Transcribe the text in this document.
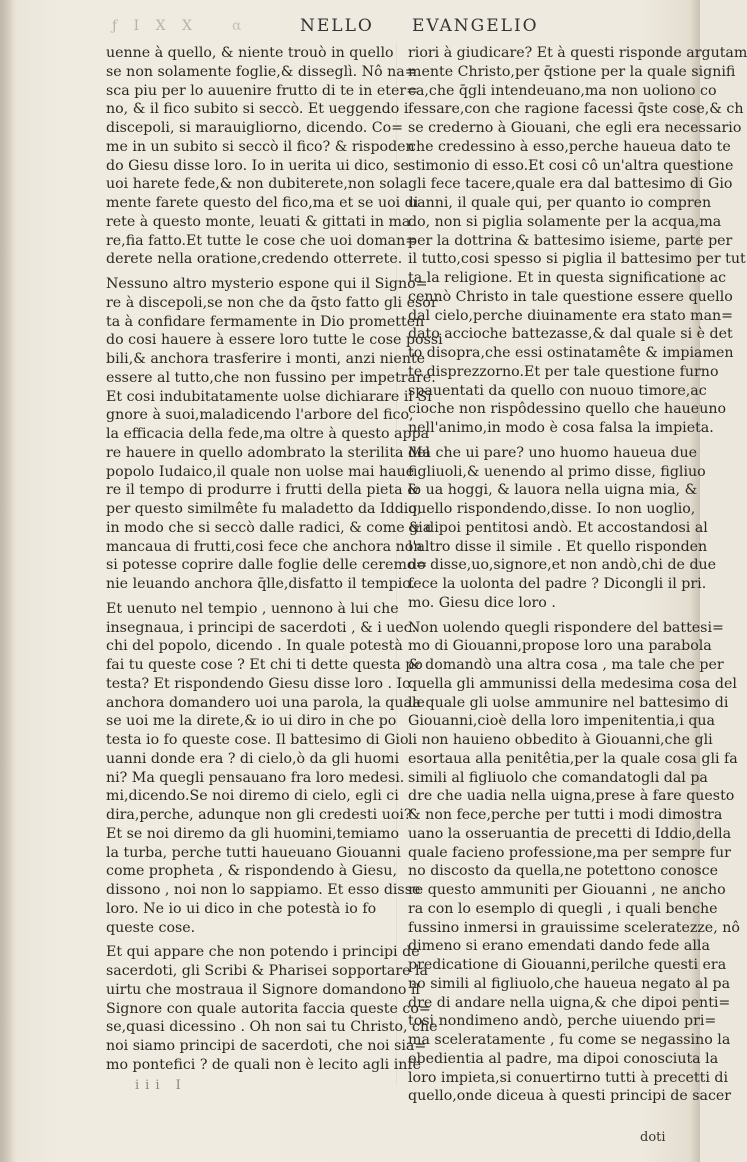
ƒ І X X α	NELLO EVANGELIO
uenne à quello, & niente trouò in quello
se non solamente foglie,& disseglì. Nô na=
sca piu per lo auuenire frutto di te in eter=
no, & il fico subito si seccò. Et ueggendo i
discepoli, si marauigliorno, dicendo. Co=
me in un subito si seccò il fico? & rispoden
do Giesu disse loro. Io in uerita ui dico, se
uoi harete fede,& non dubiterete,non sola
mente farete questo del fico,ma et se uoi di
rete à questo monte, leuati & gittati in ma
re,fia fatto.Et tutte le cose che uoi doman=
derete nella oratione,credendo otterrete.
Nessuno altro mysterio espone qui il Signo=
re à discepoli,se non che da q̄sto fatto gli esor
ta à confidare fermamente in Dio prometten
do cosi hauere à essere loro tutte le cose possi
bili,& anchora trasferire i monti, anzi niente
essere al tutto,che non fussino per impetrare.
Et cosi indubitatamente uolse dichiarare il Si
gnore à suoi,maladicendo l'arbore del fico,
la efficacia della fede,ma oltre à questo appa
re hauere in quello adombrato la sterilita del
popolo Iudaico,il quale non uolse mai haue
re il tempo di produrre i frutti della pieta &
per questo similmête fu maladetto da Iddio,
in modo che si seccò dalle radici, & come gia
mancaua di frutti,cosi fece che anchora non
si potesse coprire dalle foglie delle ceremo=
nie leuando anchora q̄lle,disfatto il tempio.
Et uenuto nel tempio , uennono à lui che
insegnaua, i principi de sacerdoti , & i uec.
chi del popolo, dicendo . In quale potestà
fai tu queste cose ? Et chi ti dette questa po
testa? Et rispondendo Giesu disse loro . Io
anchora domandero uoi una parola, la quale
se uoi me la direte,& io ui diro in che po
testa io fo queste cose. Il battesimo di Gio.
uanni donde era ? di cielo,ò da gli huomi
ni? Ma quegli pensauano fra loro medesi.
mi,dicendo.Se noi diremo di cielo, egli ci
dira,perche, adunque non gli credesti uoi?
Et se noi diremo da gli huomini,temiamo
la turba, perche tutti haueuano Giouanni
come propheta , & rispondendo à Giesu,
dissono , noi non lo sappiamo. Et esso disse
loro. Ne io ui dico in che potestà io fo
queste cose.
Et qui appare che non potendo i principi de
sacerdoti, gli Scribi & Pharisei sopportare la
uirtu che mostraua il Signore domandono il
Signore con quale autorita faccia queste co=
se,quasi dicessino . Oh non sai tu Christo, che
noi siamo principi de sacerdoti, che noi sia=
mo pontefici ? de quali non è lecito agli infe
riori à giudicare? Et à questi risponde argutam
mente Christo,per q̄stione per la quale signifi
ca,che q̄gli intendeuano,ma non uoliono co
fessare,con che ragione facessi q̄ste cose,& ch
se crederno à Giouani, che egli era necessario
che credessino à esso,perche haueua dato te
stimonio di esso.Et cosi cô un'altra questione
gli fece tacere,quale era dal battesimo di Gio
uanni, il quale qui, per quanto io compren
do, non si piglia solamente per la acqua,ma
per la dottrina & battesimo isieme, parte per
il tutto,cosi spesso si piglia il battesimo per tut
ta la religione. Et in questa significatione ac
cennò Christo in tale questione essere quello
dal cielo,perche diuinamente era stato man=
dato accioche battezasse,& dal quale si è det
to disopra,che essi ostinatamête & impiamen
te disprezzorno.Et per tale questione furno
spauentati da quello con nuouo timore,ac
cioche non rispôdessino quello che haueuno
nell'animo,in modo è cosa falsa la impieta.
Ma che ui pare? uno huomo haueua due
figliuoli,& uenendo al primo disse, figliuo
lo ua hoggi, & lauora nella uigna mia, &
quello rispondendo,disse. Io non uoglio,
& dipoi pentitosi andò. Et accostandosi al
l'altro disse il simile . Et quello risponden
do disse,uo,signore,et non andò,chi de due
fece la uolonta del padre ? Dicongli il pri.
mo. Giesu dice loro .
Non uolendo quegli rispondere del battesi=
mo di Giouanni,propose loro una parabola
& domandò una altra cosa , ma tale che per
quella gli ammunissi della medesima cosa del
la quale gli uolse ammunire nel battesimo di
Giouanni,cioè della loro impenitentia,i qua
li non hauieno obbedito à Giouanni,che gli
esortaua alla penitêtia,per la quale cosa gli fa
simili al figliuolo che comandatogli dal pa
dre che uadia nella uigna,prese à fare questo
& non fece,perche per tutti i modi dimostra
uano la osseruantia de precetti di Iddio,della
quale facieno professione,ma per sempre fur
no discosto da quella,ne potettono conosce
re questo ammuniti per Giouanni , ne ancho
ra con lo esemplo di quegli , i quali benche
fussino inmersi in grauissime sceleratezze, nô
dimeno si erano emendati dando fede alla
predicatione di Giouanni,perilche questi era
no simili al figliuolo,che haueua negato al pa
dre di andare nella uigna,& che dipoi penti=
tosi nondimeno andò, perche uiuendo pri=
ma sceleratamente , fu come se negassino la
obedientia al padre, ma dipoi conosciuta la
loro impieta,si conuertirno tutti à precetti di
quello,onde diceua à questi principi de sacer
iii I
doti
